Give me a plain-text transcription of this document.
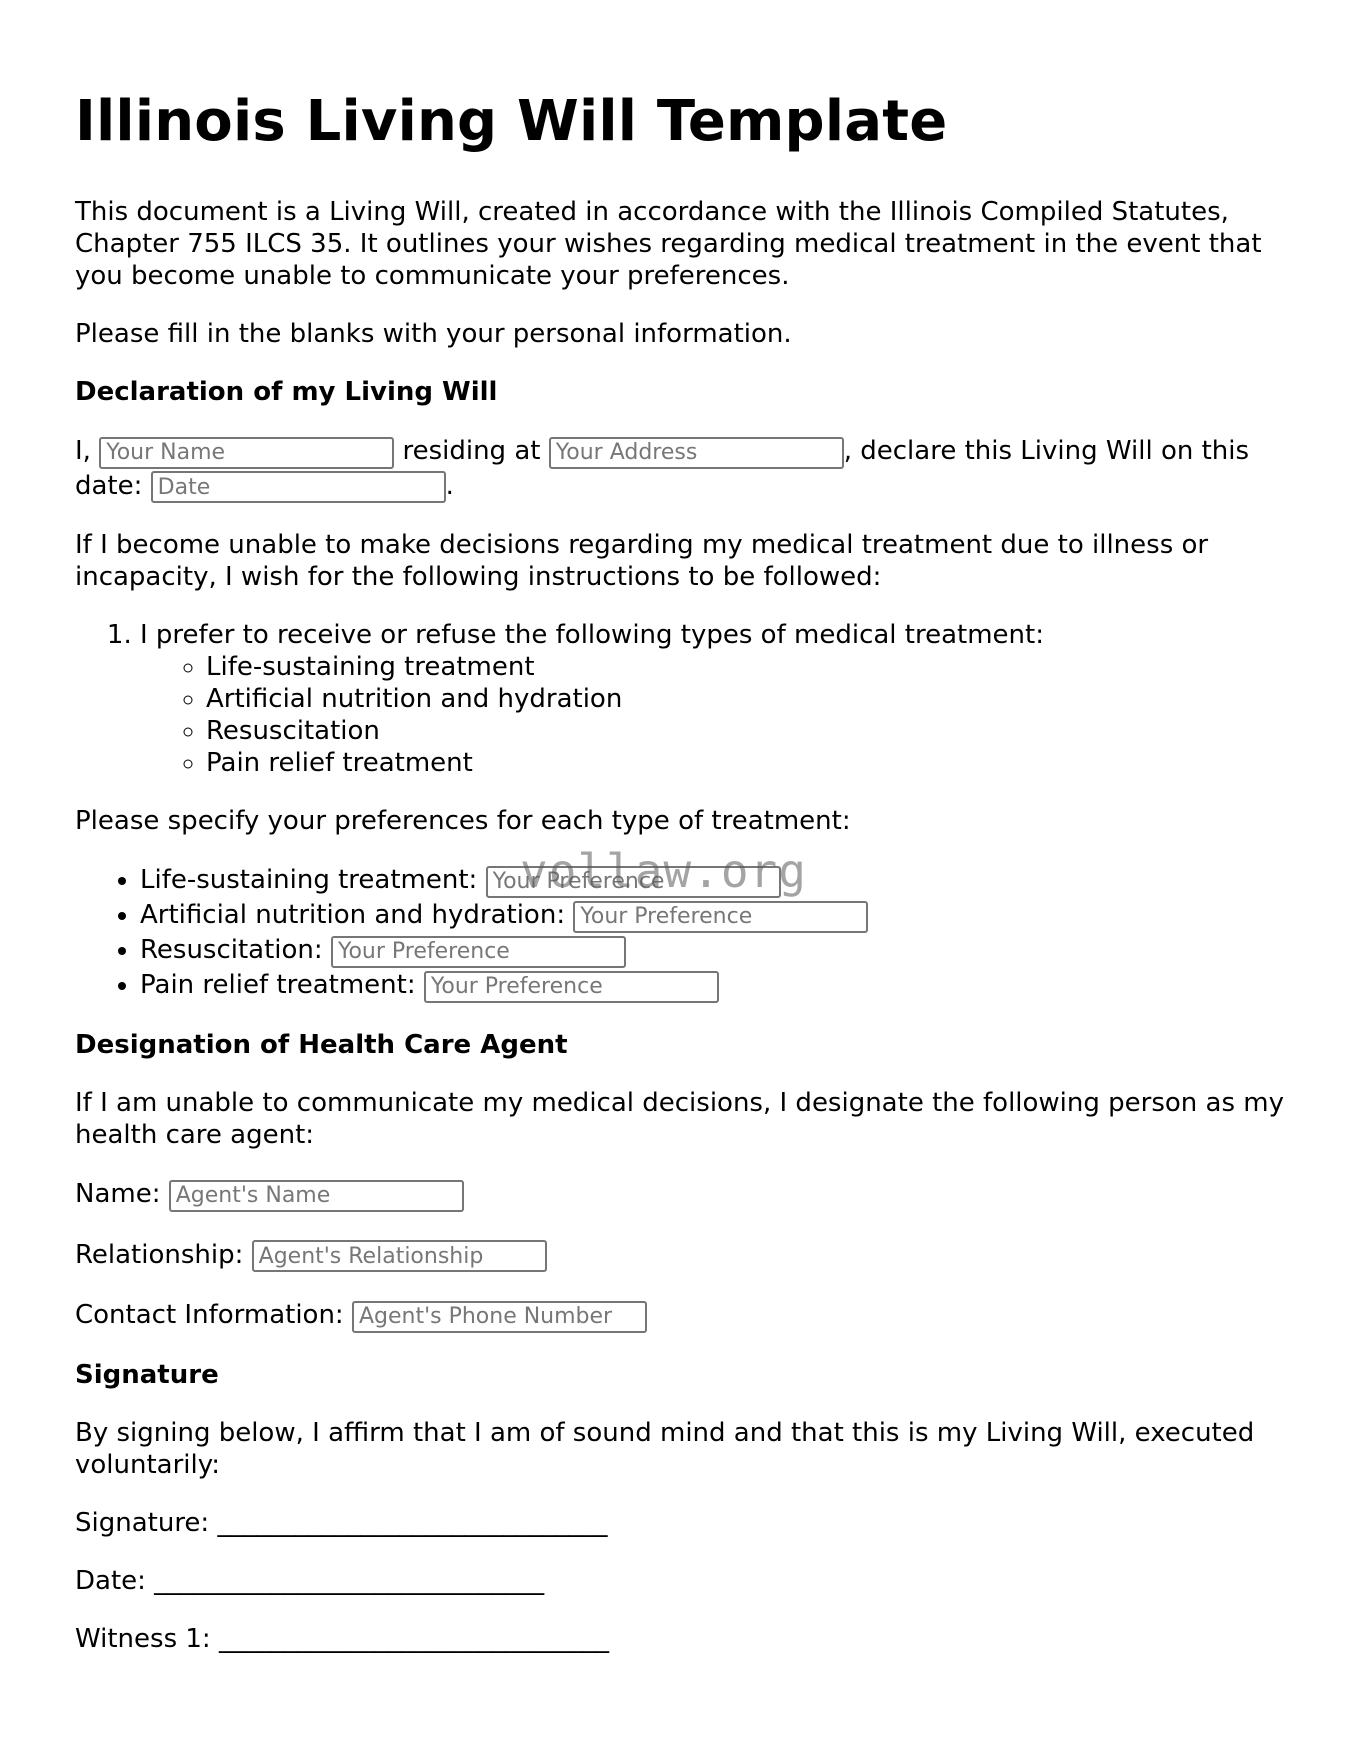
Illinois Living Will Template

This document is a Living Will, created in accordance with the Illinois Compiled Statutes, Chapter 755 ILCS 35. It outlines your wishes regarding medical treatment in the event that you become unable to communicate your preferences.

Please fill in the blanks with your personal information.

Declaration of my Living Will
I, Your Name	residing at Your Address	, declare this Living Will on this date: Date	.

If I become unable to make decisions regarding my medical treatment due to illness or incapacity, I wish for the following instructions to be followed:

1. I prefer to receive or refuse the following types of medical treatment:
◦ Life-sustaining treatment
◦ Artificial nutrition and hydration
◦ Resuscitation
◦ Pain relief treatment

Please specify your preferences for each type of treatment:

• Life-sustaining treatment: Your Preference
• Artificial nutrition and hydration: Your Preference
• Resuscitation: Your Preference
• Pain relief treatment: Your Preference
Designation of Health Care Agent

If I am unable to communicate my medical decisions, I designate the following person as my health care agent:

Name: Agent's Name
Relationship: Agent's Relationship
Contact Information: Agent's Phone Number
Signature

By signing below, I affirm that I am of sound mind and that this is my Living Will, executed voluntarily:

Signature: ______________________________
Date: ______________________________
Witness 1: ______________________________
vollaw.org
